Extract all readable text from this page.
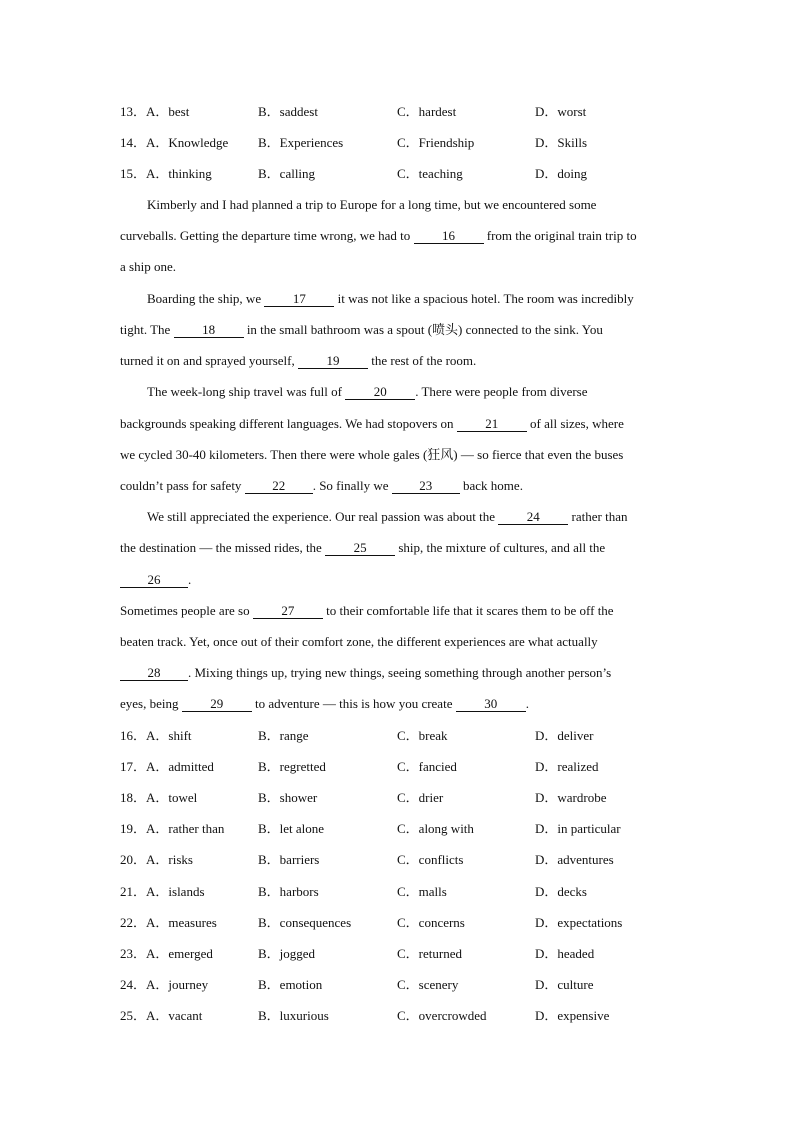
13．A．best	B．saddest	C．hardest	D．worst
14．A．Knowledge B．Experiences	C．Friendship	D．Skills
15．A．thinking	B．calling	C．teaching	D．doing
Kimberly and I had planned a trip to Europe for a long time, but we encountered some
curveballs. Getting the departure time wrong, we had to 16 from the original train trip to
a ship one.
Boarding the ship, we 17 it was not like a spacious hotel. The room was incredibly
tight. The 18 in the small bathroom was a spout (喷头) connected to the sink. You
turned it on and sprayed yourself, 19 the rest of the room.
The week-long ship travel was full of 20 . There were people from diverse
backgrounds speaking different languages. We had stopovers on 21 of all sizes, where
we cycled 30-40 kilometers. Then there were whole gales (狂风) — so fierce that even the buses
couldn’t pass for safety 22 . So finally we 23 back home.
We still appreciated the experience. Our real passion was about the 24 rather than
the destination — the missed rides, the 25 ship, the mixture of cultures, and all the
26 .
Sometimes people are so 27 to their comfortable life that it scares them to be off the
beaten track. Yet, once out of their comfort zone, the different experiences are what actually
28 . Mixing things up, trying new things, seeing something through another person’s
eyes, being 29 to adventure — this is how you create 30 .
16．A．shift	B．range	C．break	D．deliver
17．A．admitted	B．regretted	C．fancied	D．realized
18．A．towel	B．shower	C．drier	D．wardrobe
19．A．rather than	B．let alone	C．along with	D．in particular
20．A．risks	B．barriers	C．conflicts	D．adventures
21．A．islands	B．harbors	C．malls	D．decks
22．A．measures	B．consequences	C．concerns	D．expectations
23．A．emerged	B．jogged	C．returned	D．headed
24．A．journey	B．emotion	C．scenery	D．culture
25．A．vacant	B．luxurious	C．overcrowded	D．expensive
